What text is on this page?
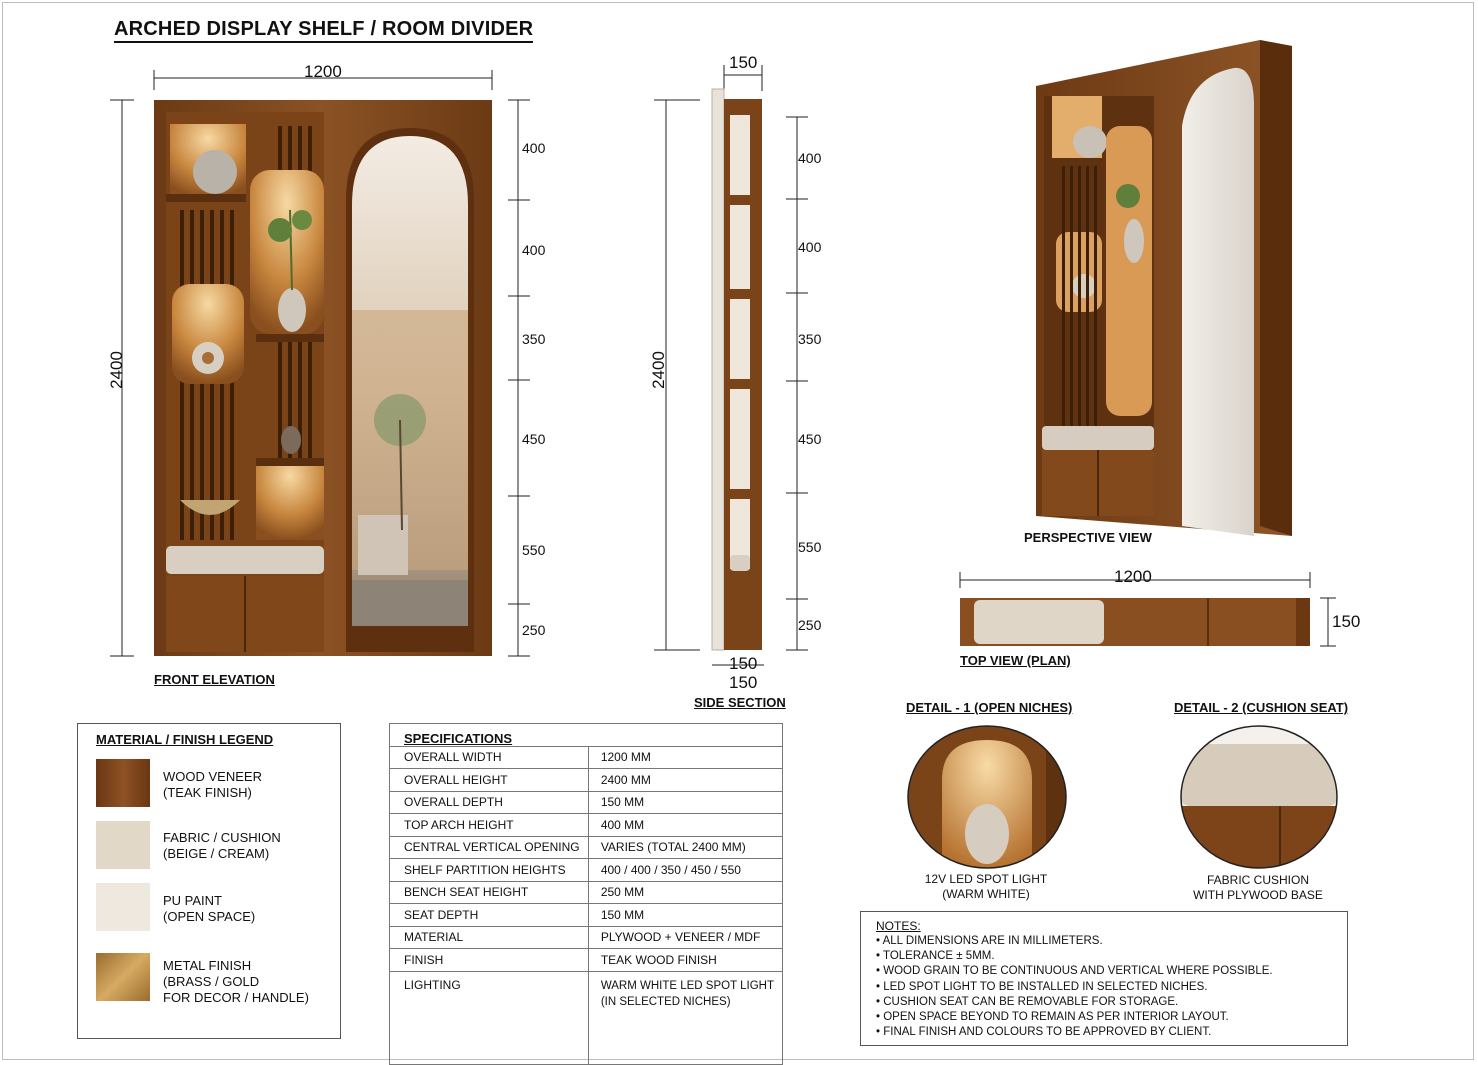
ARCHED DISPLAY SHELF / ROOM DIVIDER
1200
2400
400
400
350
450
550
250
FRONT ELEVATION
150
2400
400
400
350
450
550
250
150
150
SIDE SECTION
PERSPECTIVE VIEW
1200
150
TOP VIEW (PLAN)
MATERIAL / FINISH LEGEND
WOOD VENEER
(TEAK FINISH)
FABRIC / CUSHION
(BEIGE / CREAM)
PU PAINT
(OPEN SPACE)
METAL FINISH
(BRASS / GOLD
FOR DECOR / HANDLE)
SPECIFICATIONS	
OVERALL WIDTH	1200 MM
OVERALL HEIGHT	2400 MM
OVERALL DEPTH	150 MM
TOP ARCH HEIGHT	400 MM
CENTRAL VERTICAL OPENING	VARIES (TOTAL 2400 MM)
SHELF PARTITION HEIGHTS	400 / 400 / 350 / 450 / 550
BENCH SEAT HEIGHT	250 MM
SEAT DEPTH	150 MM
MATERIAL	PLYWOOD + VENEER / MDF
FINISH	TEAK WOOD FINISH
LIGHTING	WARM WHITE LED SPOT LIGHT
(IN SELECTED NICHES)
DETAIL - 1 (OPEN NICHES)
12V LED SPOT LIGHT
(WARM WHITE)
DETAIL - 2 (CUSHION SEAT)
FABRIC CUSHION
WITH PLYWOOD BASE
NOTES:
• ALL DIMENSIONS ARE IN MILLIMETERS.
• TOLERANCE ± 5MM.
• WOOD GRAIN TO BE CONTINUOUS AND VERTICAL WHERE POSSIBLE.
• LED SPOT LIGHT TO BE INSTALLED IN SELECTED NICHES.
• CUSHION SEAT CAN BE REMOVABLE FOR STORAGE.
• OPEN SPACE BEYOND TO REMAIN AS PER INTERIOR LAYOUT.
• FINAL FINISH AND COLOURS TO BE APPROVED BY CLIENT.
